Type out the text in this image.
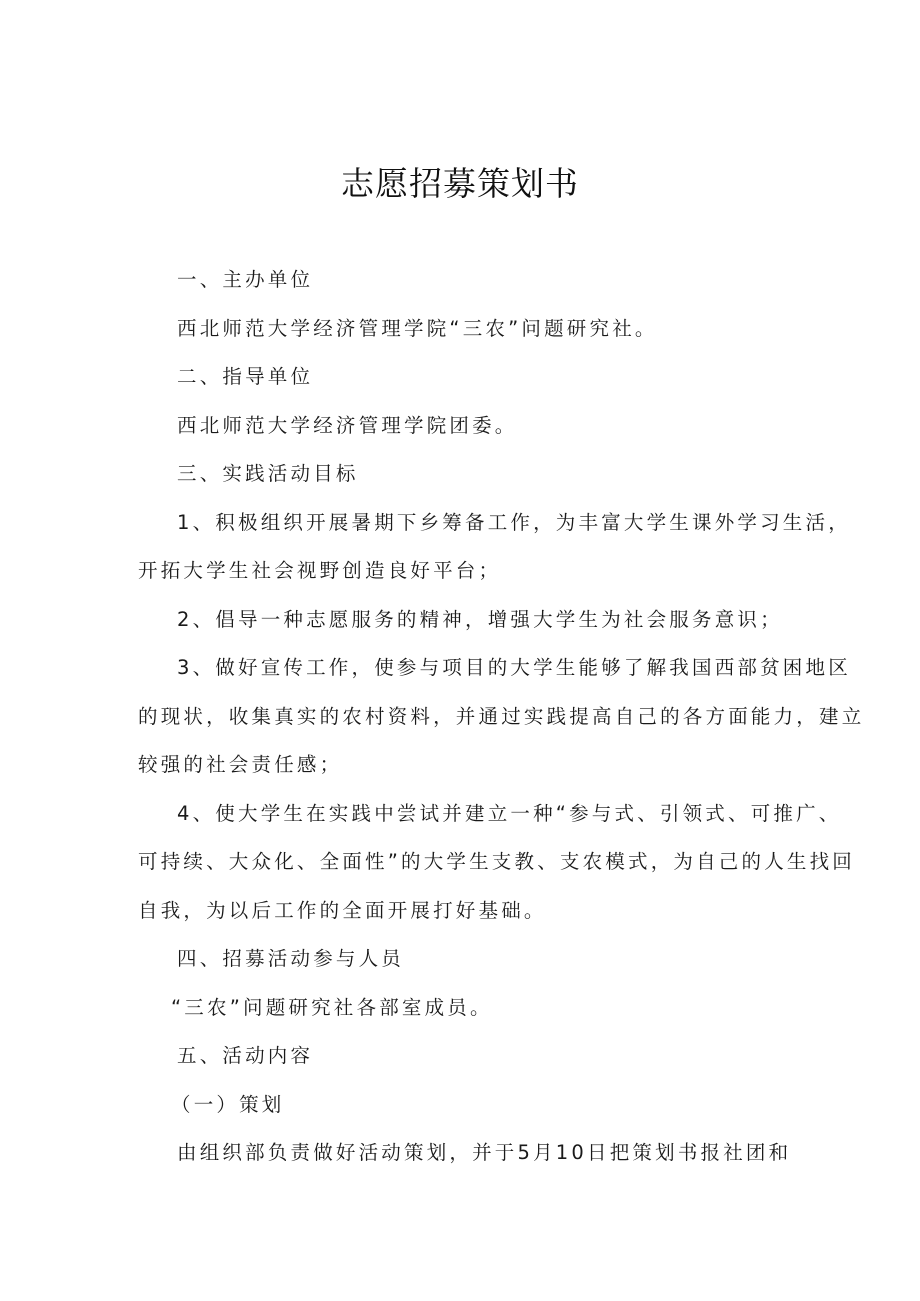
志愿招募策划书

一、主办单位

西北师范大学经济管理学院“三农”问题研究社。

二、指导单位

西北师范大学经济管理学院团委。

三、实践活动目标

1、积极组织开展暑期下乡筹备工作，为丰富大学生课外学习生活，

开拓大学生社会视野创造良好平台；

2、倡导一种志愿服务的精神，增强大学生为社会服务意识；

3、做好宣传工作，使参与项目的大学生能够了解我国西部贫困地区

的现状，收集真实的农村资料，并通过实践提高自己的各方面能力，建立

较强的社会责任感；

4、使大学生在实践中尝试并建立一种“参与式、引领式、可推广、

可持续、大众化、全面性”的大学生支教、支农模式，为自己的人生找回

自我，为以后工作的全面开展打好基础。

四、招募活动参与人员

“三农”问题研究社各部室成员。

五、活动内容

（一）策划

由组织部负责做好活动策划，并于5月10日把策划书报社团和
